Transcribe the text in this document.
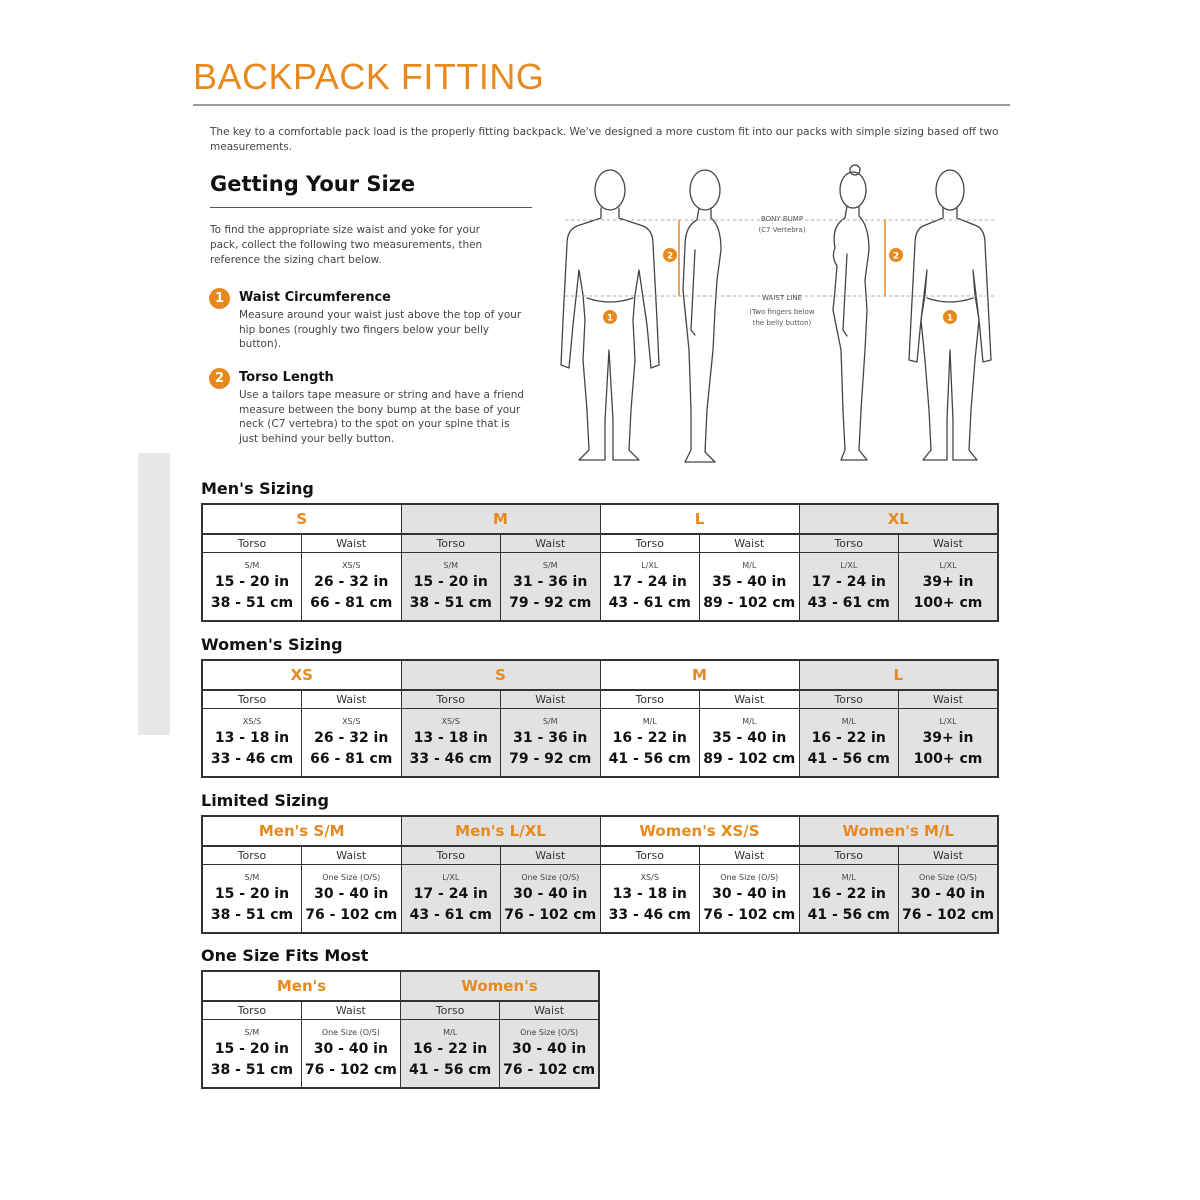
BACKPACK FITTING
The key to a comfortable pack load is the properly fitting backpack. We've designed a more custom fit into our packs with simple sizing based off two measurements.
Getting Your Size
To find the appropriate size waist and yoke for your pack, collect the following two measurements, then reference the sizing chart below.
1	Waist Circumference
Measure around your waist just above the top of your hip bones (roughly two fingers below your belly button).
2	Torso Length
Use a tailors tape measure or string and have a friend measure between the bony bump at the base of your neck (C7 vertebra) to the spot on your spine that is just behind your belly button.
2	2
1	1
BONY BUMP
(C7 Vertebra)
WAIST LINE
(Two fingers below
the belly button)
Men's Sizing
S		M		L		XL	
Torso	Waist	Torso	Waist	Torso	Waist	Torso	Waist

S/M
15 - 20 in
38 - 51 cm	XS/S
26 - 32 in
66 - 81 cm	S/M
15 - 20 in
38 - 51 cm	S/M
31 - 36 in
79 - 92 cm	L/XL
17 - 24 in
43 - 61 cm	M/L
35 - 40 in
89 - 102 cm	L/XL
17 - 24 in
43 - 61 cm	L/XL
39+ in
100+ cm
Women's Sizing
XS		S		M		L	
Torso	Waist	Torso	Waist	Torso	Waist	Torso	Waist

XS/S
13 - 18 in
33 - 46 cm	XS/S
26 - 32 in
66 - 81 cm	XS/S
13 - 18 in
33 - 46 cm	S/M
31 - 36 in
79 - 92 cm	M/L
16 - 22 in
41 - 56 cm	M/L
35 - 40 in
89 - 102 cm	M/L
16 - 22 in
41 - 56 cm	L/XL
39+ in
100+ cm
Limited Sizing
Men's S/M		Men's L/XL		Women's XS/S		Women's M/L	
Torso	Waist	Torso	Waist	Torso	Waist	Torso	Waist

S/M
15 - 20 in
38 - 51 cm	One Size (O/S)
30 - 40 in
76 - 102 cm	L/XL
17 - 24 in
43 - 61 cm	One Size (O/S)
30 - 40 in
76 - 102 cm	XS/S
13 - 18 in
33 - 46 cm	One Size (O/S)
30 - 40 in
76 - 102 cm	M/L
16 - 22 in
41 - 56 cm	One Size (O/S)
30 - 40 in
76 - 102 cm
One Size Fits Most
Men's		Women's	
Torso	Waist	Torso	Waist

S/M
15 - 20 in
38 - 51 cm	One Size (O/S)
30 - 40 in
76 - 102 cm	M/L
16 - 22 in
41 - 56 cm	One Size (O/S)
30 - 40 in
76 - 102 cm
